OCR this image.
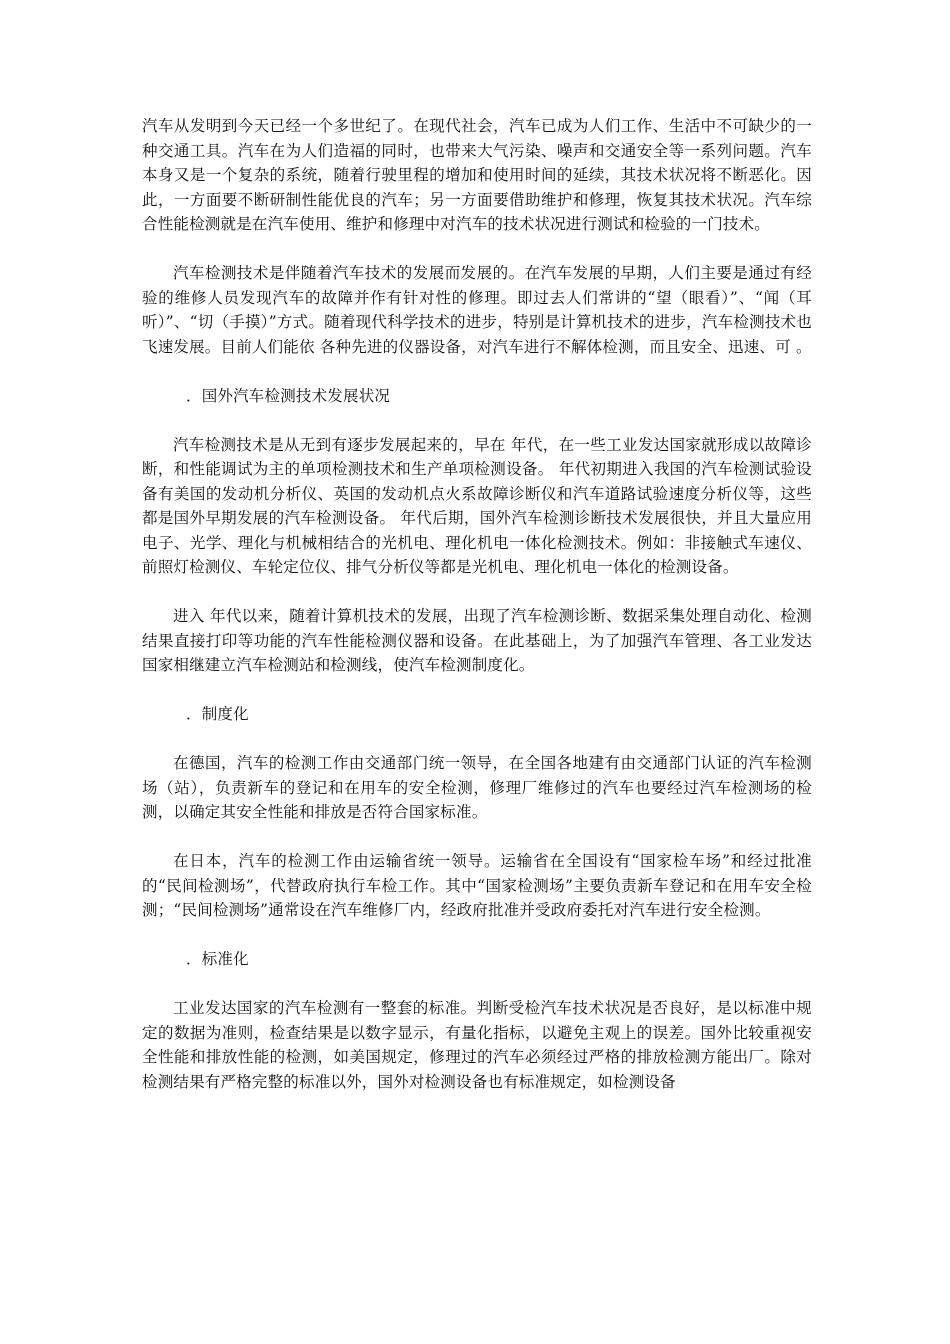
汽车从发明到今天已经一个多世纪了。在现代社会，汽车已成为人们工作、生活中不可缺少的一种交通工具。汽车在为人们造福的同时，也带来大气污染、噪声和交通安全等一系列问题。汽车本身又是一个复杂的系统，随着行驶里程的增加和使用时间的延续，其技术状况将不断恶化。因此，一方面要不断研制性能优良的汽车；另一方面要借助维护和修理，恢复其技术状况。汽车综合性能检测就是在汽车使用、维护和修理中对汽车的技术状况进行测试和检验的一门技术。

汽车检测技术是伴随着汽车技术的发展而发展的。在汽车发展的早期，人们主要是通过有经验的维修人员发现汽车的故障并作有针对性的修理。即过去人们常讲的“望（眼看）”、“闻（耳听）”、“切（手摸）”方式。随着现代科学技术的进步，特别是计算机技术的进步，汽车检测技术也飞速发展。目前人们能依 各种先进的仪器设备，对汽车进行不解体检测，而且安全、迅速、可 。

．国外汽车检测技术发展状况

汽车检测技术是从无到有逐步发展起来的，早在 年代，在一些工业发达国家就形成以故障诊断，和性能调试为主的单项检测技术和生产单项检测设备。 年代初期进入我国的汽车检测试验设备有美国的发动机分析仪、英国的发动机点火系故障诊断仪和汽车道路试验速度分析仪等，这些都是国外早期发展的汽车检测设备。 年代后期，国外汽车检测诊断技术发展很快，并且大量应用电子、光学、理化与机械相结合的光机电、理化机电一体化检测技术。例如：非接触式车速仪、前照灯检测仪、车轮定位仪、排气分析仪等都是光机电、理化机电一体化的检测设备。

进入 年代以来，随着计算机技术的发展，出现了汽车检测诊断、数据采集处理自动化、检测结果直接打印等功能的汽车性能检测仪器和设备。在此基础上，为了加强汽车管理、各工业发达国家相继建立汽车检测站和检测线，使汽车检测制度化。

．制度化

在德国，汽车的检测工作由交通部门统一领导，在全国各地建有由交通部门认证的汽车检测场（站），负责新车的登记和在用车的安全检测，修理厂维修过的汽车也要经过汽车检测场的检测，以确定其安全性能和排放是否符合国家标准。

在日本，汽车的检测工作由运输省统一领导。运输省在全国设有“国家检车场”和经过批准的“民间检测场”，代替政府执行车检工作。其中“国家检测场”主要负责新车登记和在用车安全检测；“民间检测场”通常设在汽车维修厂内，经政府批准并受政府委托对汽车进行安全检测。

．标准化

工业发达国家的汽车检测有一整套的标准。判断受检汽车技术状况是否良好，是以标准中规定的数据为准则，检查结果是以数字显示，有量化指标，以避免主观上的误差。国外比较重视安全性能和排放性能的检测，如美国规定，修理过的汽车必须经过严格的排放检测方能出厂。除对检测结果有严格完整的标准以外，国外对检测设备也有标准规定，如检测设备
